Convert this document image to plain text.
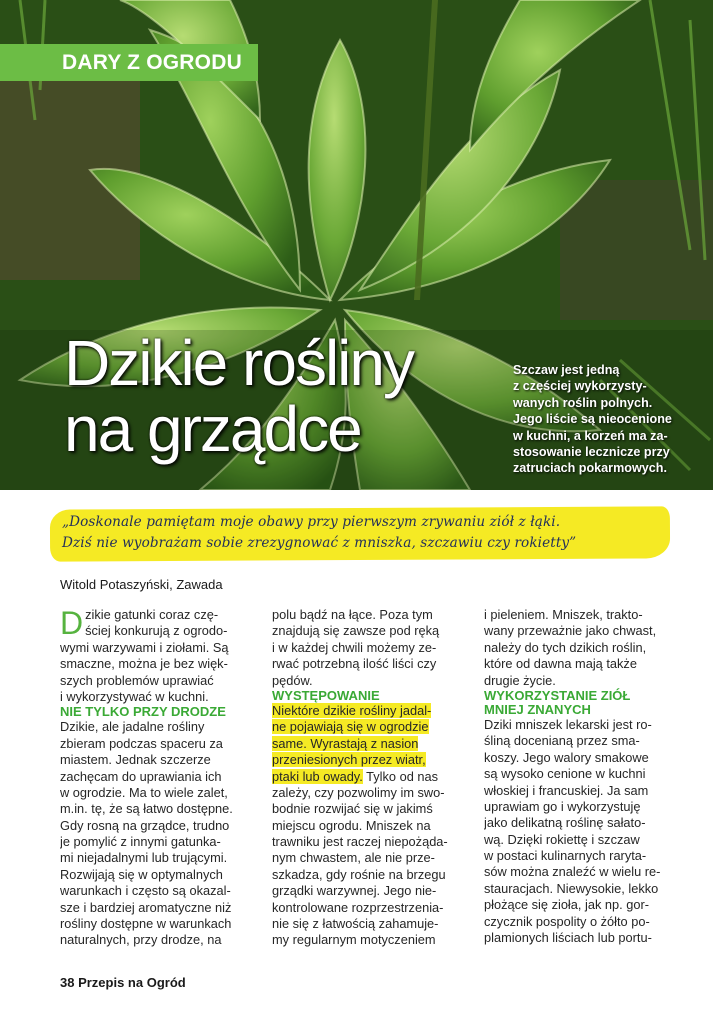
DARY Z OGRODU
Dzikie rośliny
na grządce
Szczaw jest jedną
z częściej wykorzysty-
wanych roślin polnych.
Jego liście są nieocenione
w kuchni, a korzeń ma za-
stosowanie lecznicze przy
zatruciach pokarmowych.

„Doskonale pamiętam moje obawy przy pierwszym zrywaniu ziół z łąki.
Dziś nie wyobrażam sobie zrezygnować z mniszka, szczawiu czy rokietty”

Witold Potaszyński, Zawada
D zikie gatunki coraz czę-
ściej konkurują z ogrodo-
wymi warzywami i ziołami. Są
smaczne, można je bez więk-
szych problemów uprawiać
i wykorzystywać w kuchni.
NIE TYLKO PRZY DRODZE
Dzikie, ale jadalne rośliny
zbieram podczas spaceru za
miastem. Jednak szczerze
zachęcam do uprawiania ich
w ogrodzie. Ma to wiele zalet,
m.in. tę, że są łatwo dostępne.
Gdy rosną na grządce, trudno
je pomylić z innymi gatunka-
mi niejadalnymi lub trującymi.
Rozwijają się w optymalnych
warunkach i często są okazal-
sze i bardziej aromatyczne niż
rośliny dostępne w warunkach
naturalnych, przy drodze, na
polu bądź na łące. Poza tym
znajdują się zawsze pod ręką
i w każdej chwili możemy ze-
rwać potrzebną ilość liści czy
pędów.
WYSTĘPOWANIE
Niektóre dzikie rośliny jadal-
ne pojawiają się w ogrodzie
same. Wyrastają z nasion
przeniesionych przez wiatr,
ptaki lub owady. Tylko od nas
zależy, czy pozwolimy im swo-
bodnie rozwijać się w jakimś
miejscu ogrodu. Mniszek na
trawniku jest raczej niepożąda-
nym chwastem, ale nie prze-
szkadza, gdy rośnie na brzegu
grządki warzywnej. Jego nie-
kontrolowane rozprzestrzenia-
nie się z łatwością zahamuje-
my regularnym motyczeniem
i pieleniem. Mniszek, trakto-
wany przeważnie jako chwast,
należy do tych dzikich roślin,
które od dawna mają także
drugie życie.
WYKORZYSTANIE ZIÓŁ
MNIEJ ZNANYCH
Dziki mniszek lekarski jest ro-
śliną docenianą przez sma-
koszy. Jego walory smakowe
są wysoko cenione w kuchni
włoskiej i francuskiej. Ja sam
uprawiam go i wykorzystuję
jako delikatną roślinę sałato-
wą. Dzięki rokiettę i szczaw
w postaci kulinarnych raryta-
sów można znaleźć w wielu re-
stauracjach. Niewysokie, lekko
płożące się zioła, jak np. gor-
czycznik pospolity o żółto po-
plamionych liściach lub portu-
38 Przepis na Ogród
